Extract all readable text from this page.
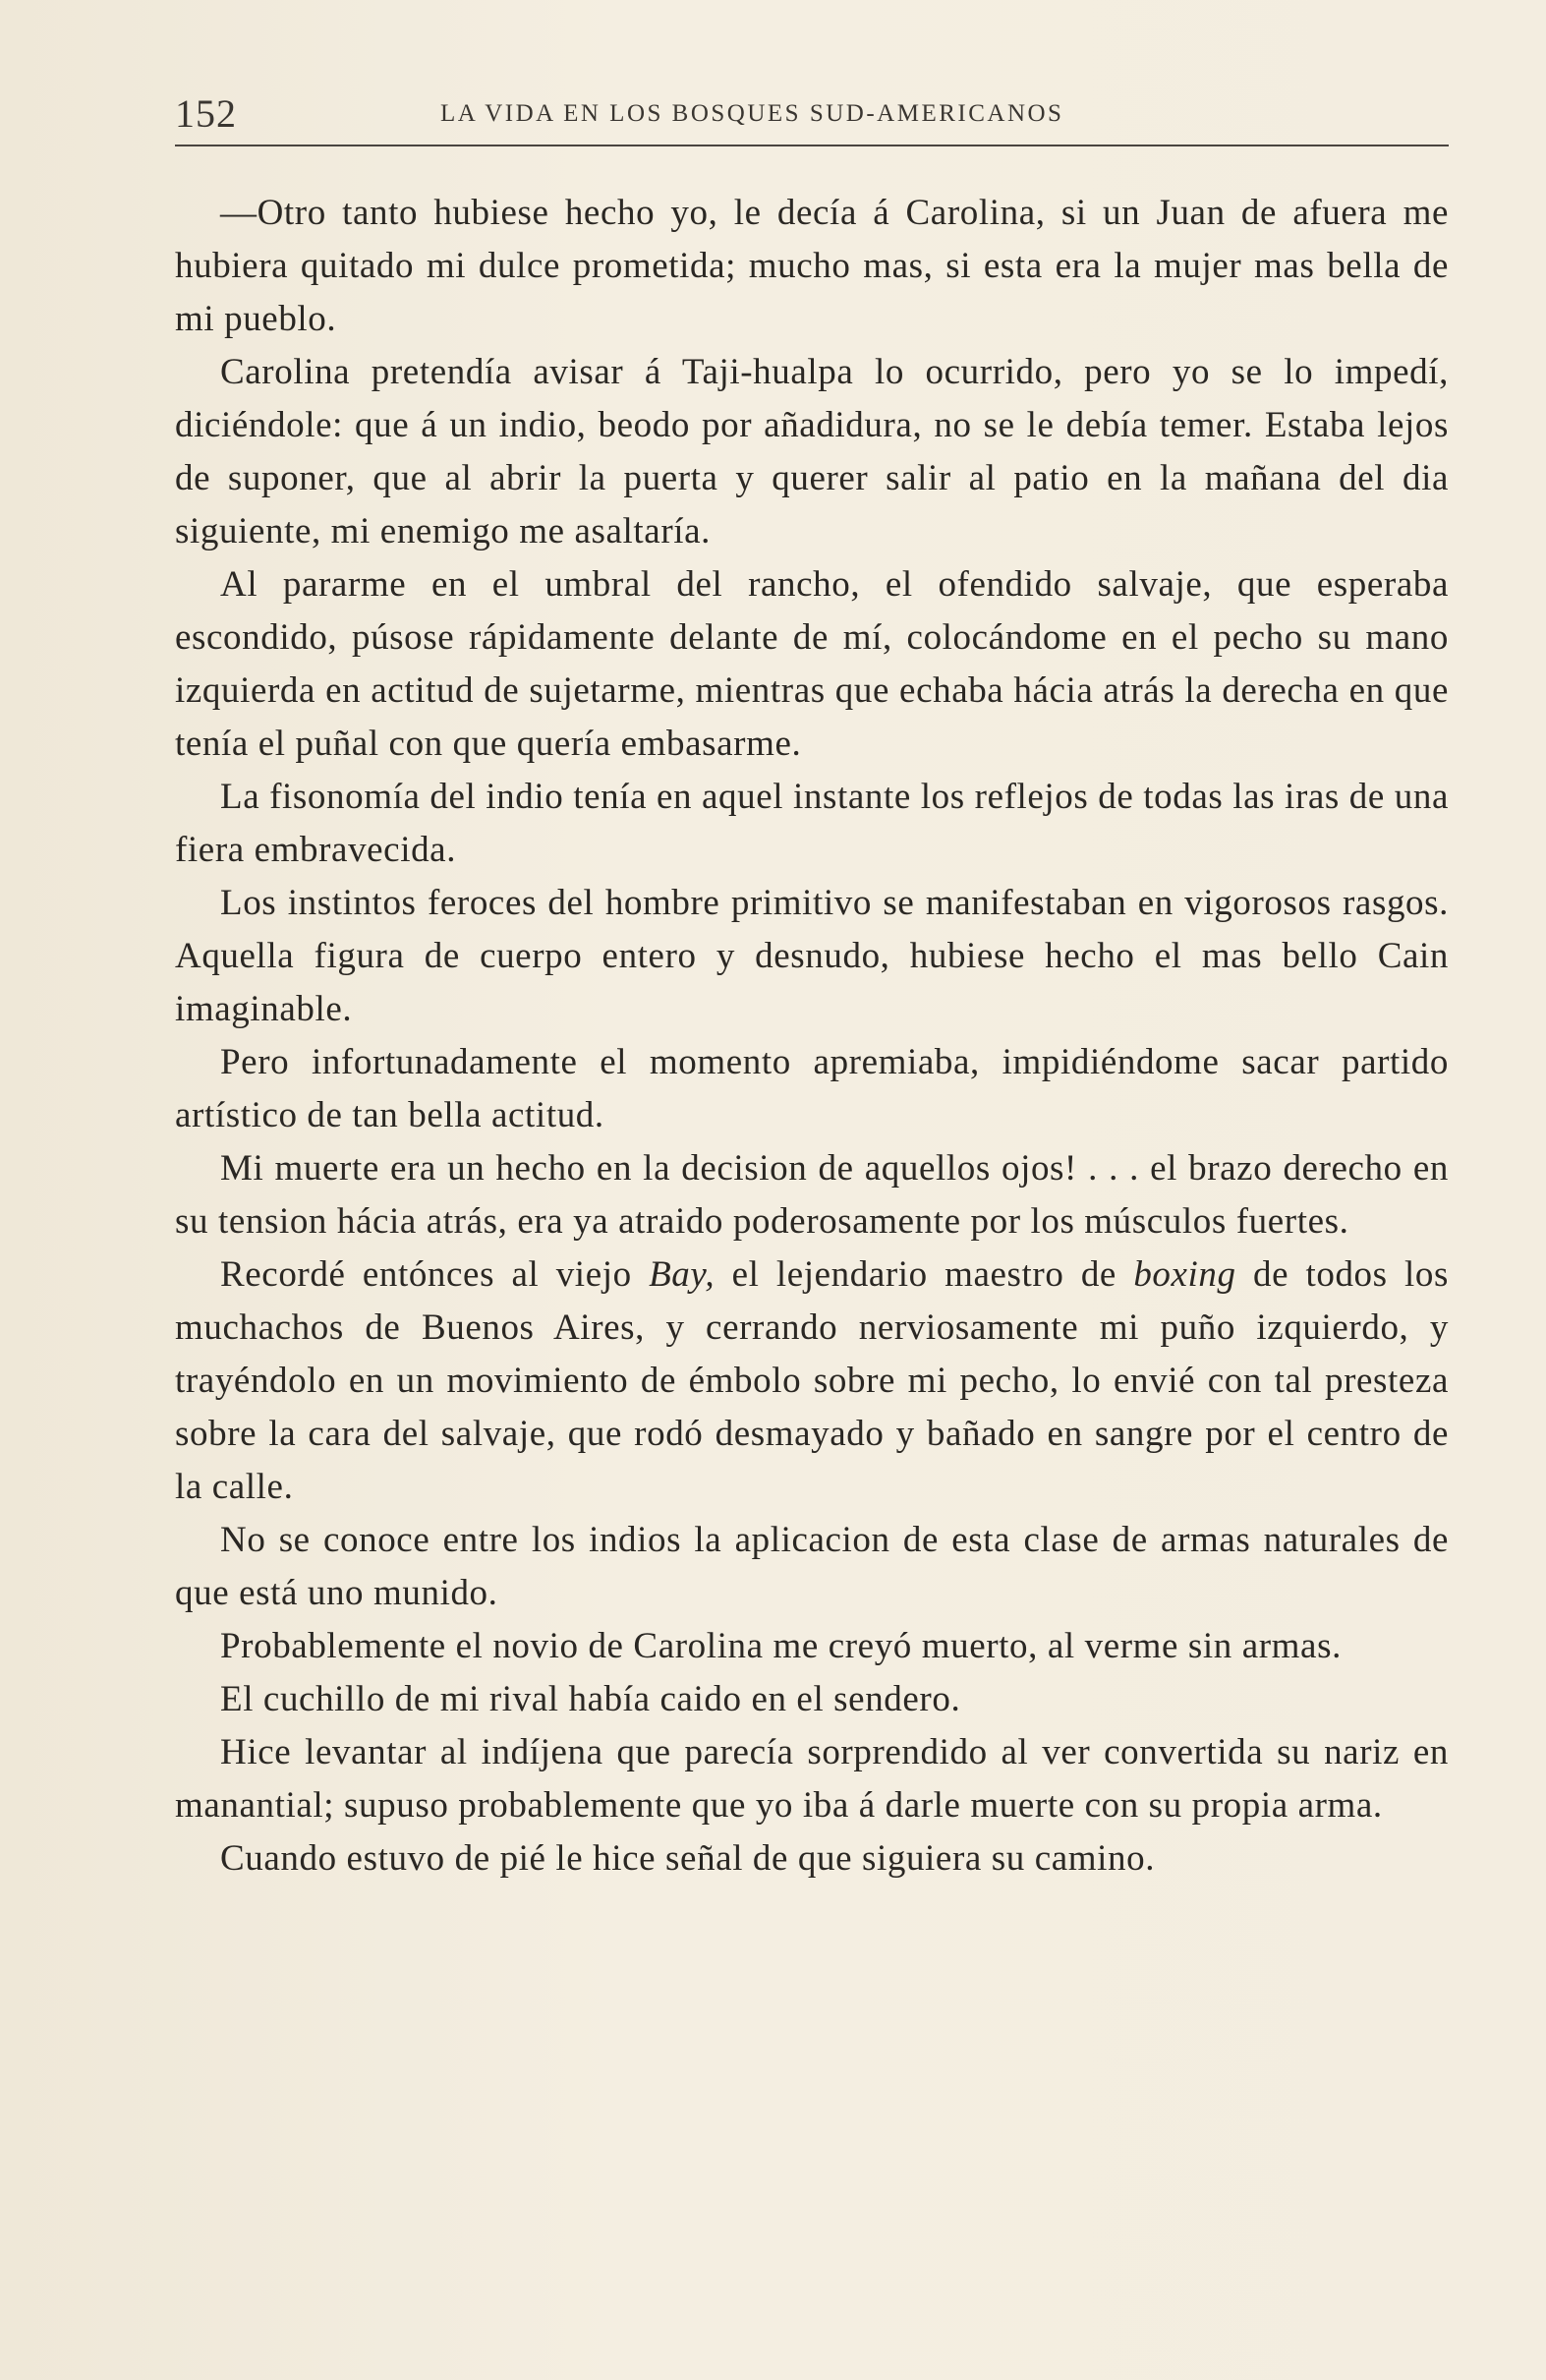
152	LA VIDA EN LOS BOSQUES SUD-AMERICANOS

—Otro tanto hubiese hecho yo, le decía á Carolina, si un Juan de afuera me hubiera quitado mi dulce prometida; mucho mas, si esta era la mujer mas bella de mi pueblo.

Carolina pretendía avisar á Taji-hualpa lo ocurrido, pero yo se lo impedí, diciéndole: que á un indio, beodo por añadidura, no se le debía temer. Estaba lejos de suponer, que al abrir la puerta y querer salir al patio en la mañana del dia siguiente, mi enemigo me asaltaría.

Al pararme en el umbral del rancho, el ofendido salvaje, que esperaba escondido, púsose rápidamente delante de mí, colocándome en el pecho su mano izquierda en actitud de sujetarme, mientras que echaba hácia atrás la derecha en que tenía el puñal con que quería embasarme.

La fisonomía del indio tenía en aquel instante los reflejos de todas las iras de una fiera embravecida.

Los instintos feroces del hombre primitivo se manifestaban en vigorosos rasgos. Aquella figura de cuerpo entero y desnudo, hubiese hecho el mas bello Cain imaginable.

Pero infortunadamente el momento apremiaba, impidiéndome sacar partido artístico de tan bella actitud.

Mi muerte era un hecho en la decision de aquellos ojos! . . . el brazo derecho en su tension hácia atrás, era ya atraido poderosamente por los músculos fuertes.

Recordé entónces al viejo Bay, el lejendario maestro de boxing de todos los muchachos de Buenos Aires, y cerrando nerviosamente mi puño izquierdo, y trayéndolo en un movimiento de émbolo sobre mi pecho, lo envié con tal presteza sobre la cara del salvaje, que rodó desmayado y bañado en sangre por el centro de la calle.

No se conoce entre los indios la aplicacion de esta clase de armas naturales de que está uno munido.

Probablemente el novio de Carolina me creyó muerto, al verme sin armas.

El cuchillo de mi rival había caido en el sendero.

Hice levantar al indíjena que parecía sorprendido al ver convertida su nariz en manantial; supuso probablemente que yo iba á darle muerte con su propia arma.

Cuando estuvo de pié le hice señal de que siguiera su camino.
